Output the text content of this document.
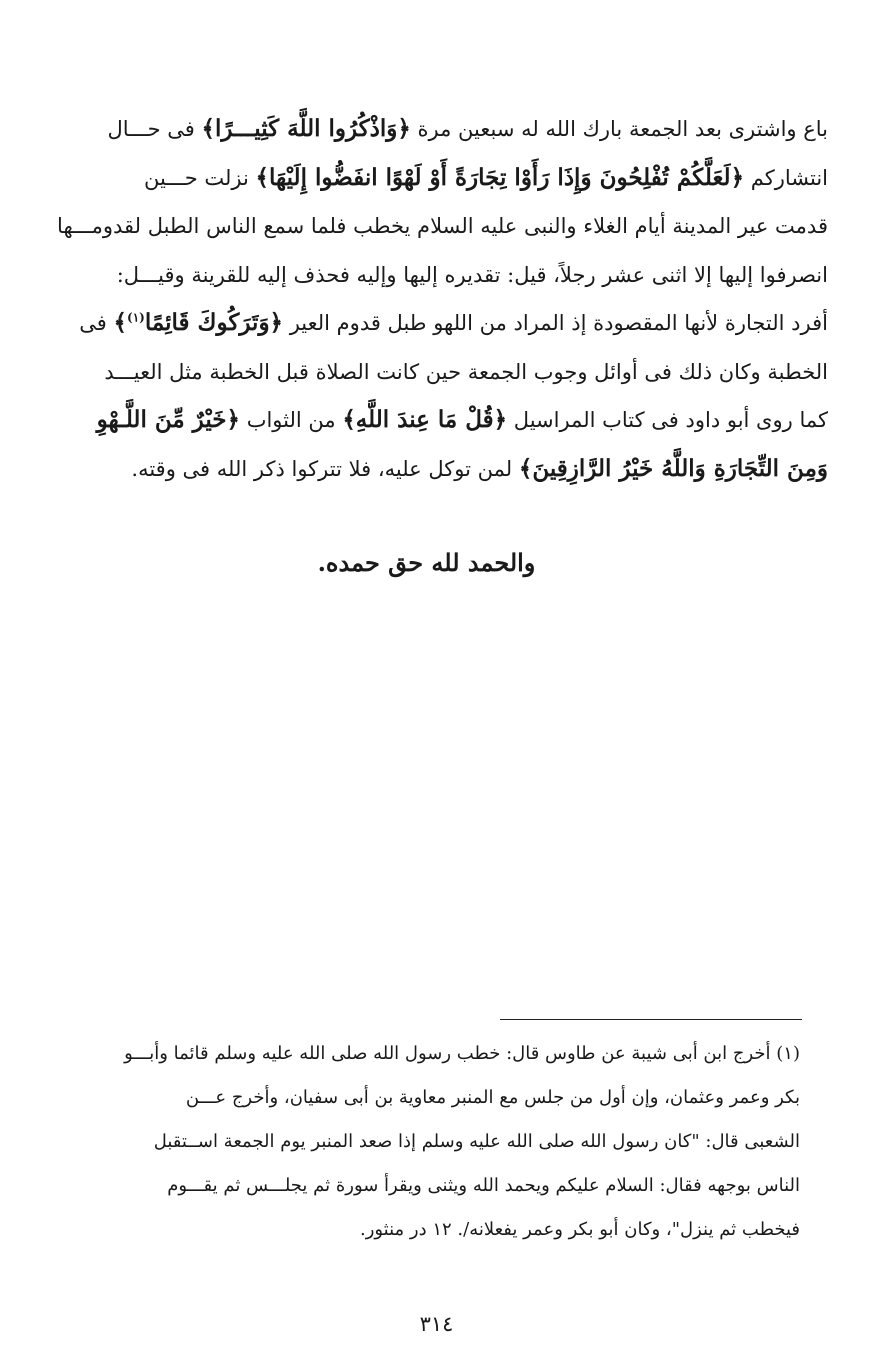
باع واشترى بعد الجمعة بارك الله له سبعين مرة ﴿وَاذْكُرُوا اللَّهَ كَثِيـــرًا﴾ فى حـــال

انتشاركم ﴿لَعَلَّكُمْ تُفْلِحُونَ وَإِذَا رَأَوْا تِجَارَةً أَوْ لَهْوًا انفَضُّوا إِلَيْهَا﴾ نزلت حـــين

قدمت عير المدينة أيام الغلاء والنبى عليه السلام يخطب فلما سمع الناس الطبل لقدومـــها

انصرفوا إليها إلا اثنى عشر رجلاً، قيل: تقديره إليها وإليه فحذف إليه للقرينة وقيـــل:

أفرد التجارة لأنها المقصودة إذ المراد من اللهو طبل قدوم العير ﴿وَتَرَكُوكَ قَائِمًا$^{(١)}$﴾ فى

الخطبة وكان ذلك فى أوائل وجوب الجمعة حين كانت الصلاة قبل الخطبة مثل العيـــد

كما روى أبو داود فى كتاب المراسيل ﴿قُلْ مَا عِندَ اللَّهِ﴾ من الثواب ﴿خَيْرٌ مِّنَ اللَّـهْوِ

وَمِنَ التِّجَارَةِ وَاللَّهُ خَيْرُ الرَّازِقِينَ﴾ لمن توكل عليه، فلا تتركوا ذكر الله فى وقته.

والحمد لله حق حمده.

(١) أخرج ابن أبى شيبة عن طاوس قال: خطب رسول الله صلى الله عليه وسلم قائما وأبـــو

بكر وعمر وعثمان، وإن أول من جلس مع المنبر معاوية بن أبى سفيان، وأخرج عـــن

الشعبى قال: "كان رسول الله صلى الله عليه وسلم إذا صعد المنبر يوم الجمعة اســتقبل

الناس بوجهه فقال: السلام عليكم ويحمد الله ويثنى ويقرأ سورة ثم يجلـــس ثم يقـــوم

فيخطب ثم ينزل"، وكان أبو بكر وعمر يفعلانه/. ١٢ در منثور.

٣١٤
